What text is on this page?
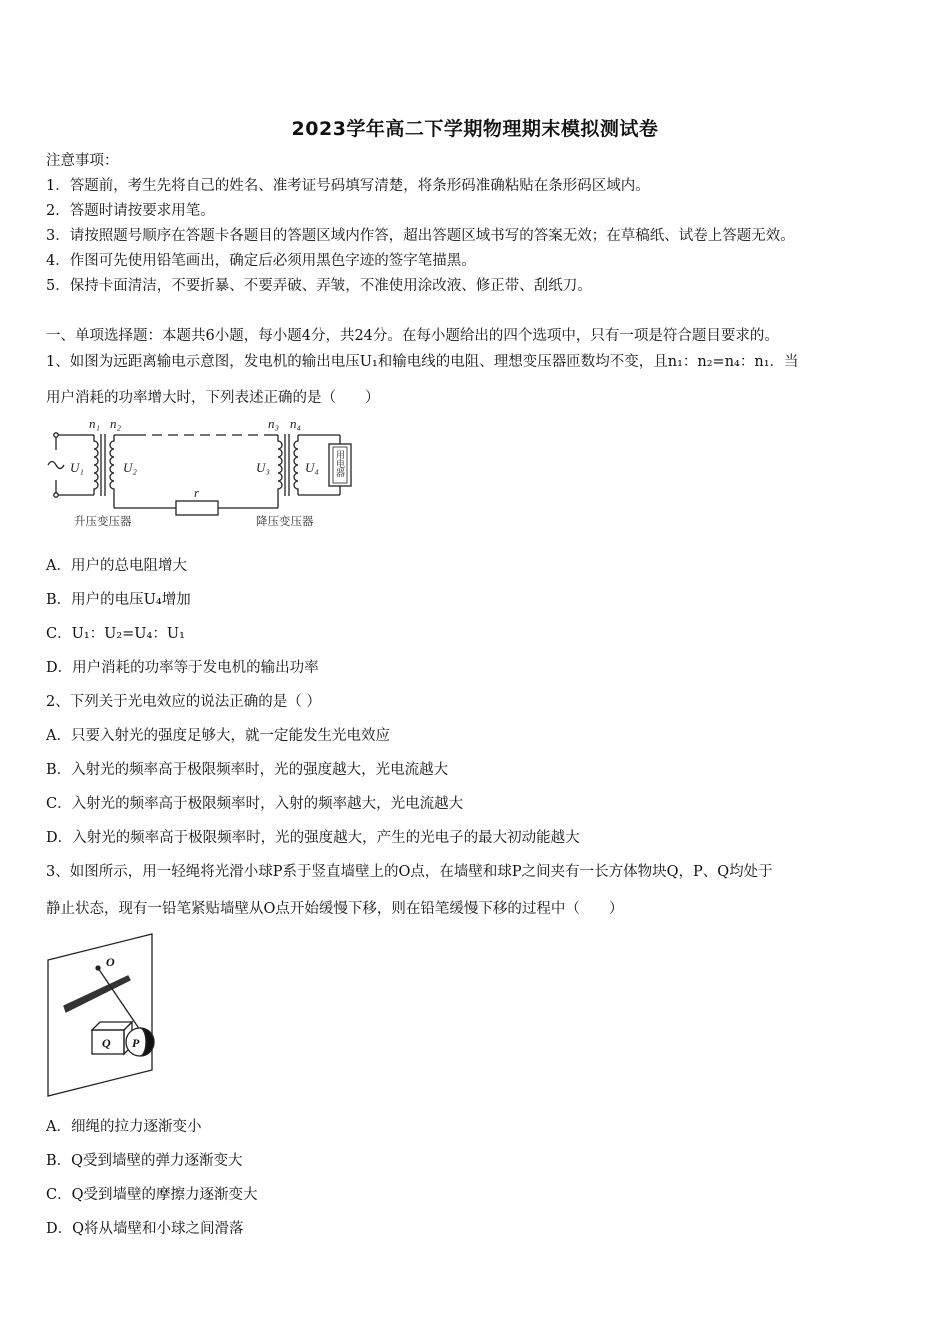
2023学年高二下学期物理期末模拟测试卷
注意事项：
1．答题前，考生先将自己的姓名、准考证号码填写清楚，将条形码准确粘贴在条形码区域内。
2．答题时请按要求用笔。
3．请按照题号顺序在答题卡各题目的答题区域内作答，超出答题区域书写的答案无效；在草稿纸、试卷上答题无效。
4．作图可先使用铅笔画出，确定后必须用黑色字迹的签字笔描黑。
5．保持卡面清洁，不要折暴、不要弄破、弄皱，不准使用涂改液、修正带、刮纸刀。
一、单项选择题：本题共6小题，每小题4分，共24分。在每小题给出的四个选项中，只有一项是符合题目要求的。
1、如图为远距离输电示意图，发电机的输出电压U₁和输电线的电阻、理想变压器匝数均不变，且n₁：n₂=n₄：n₁．当
用户消耗的功率增大时，下列表述正确的是（　　）
n₁ n₂	n₃ n₄
U₁	U₂	U₃	U₄
r
用电器
升压变压器	降压变压器
A．用户的总电阻增大
B．用户的电压U₄增加
C．U₁：U₂=U₄：U₁
D．用户消耗的功率等于发电机的输出功率
2、下列关于光电效应的说法正确的是（ ）
A．只要入射光的强度足够大，就一定能发生光电效应
B．入射光的频率高于极限频率时，光的强度越大，光电流越大
C．入射光的频率高于极限频率时，入射的频率越大，光电流越大
D．入射光的频率高于极限频率时，光的强度越大，产生的光电子的最大初动能越大
3、如图所示，用一轻绳将光滑小球P系于竖直墙壁上的O点，在墙壁和球P之间夹有一长方体物块Q，P、Q均处于
静止状态，现有一铅笔紧贴墙壁从O点开始缓慢下移，则在铅笔缓慢下移的过程中（　　）
O
Q P
A．细绳的拉力逐渐变小
B．Q受到墙壁的弹力逐渐变大
C．Q受到墙壁的摩擦力逐渐变大
D．Q将从墙壁和小球之间滑落
